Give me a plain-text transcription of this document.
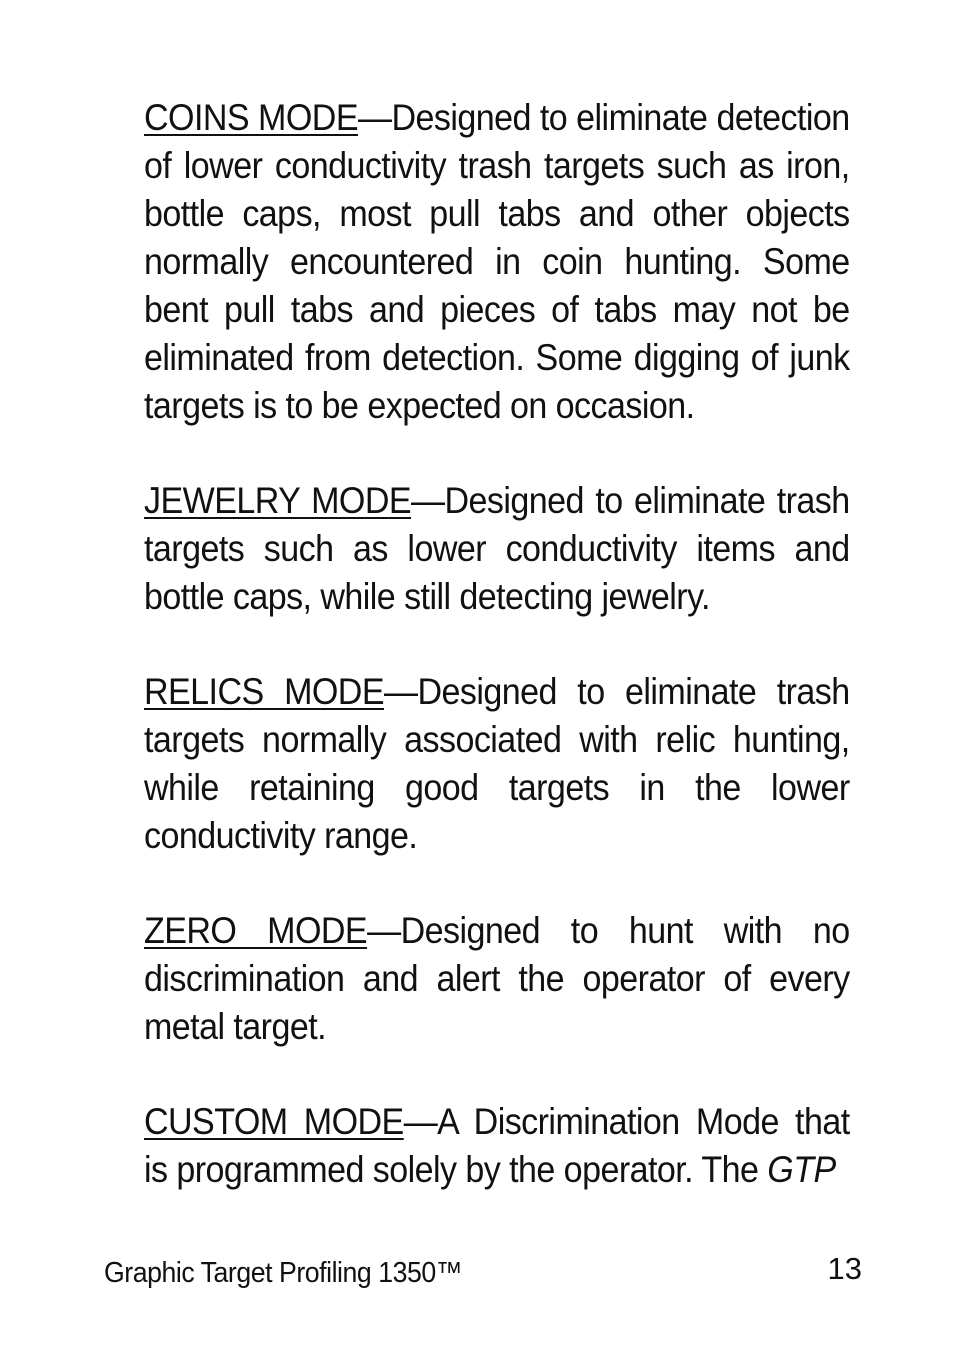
COINS MODE—Designed to eliminate detection of lower conductivity trash targets such as iron, bottle caps, most pull tabs and other objects normally encountered in coin hunting. Some bent pull tabs and pieces of tabs may not be eliminated from detection. Some digging of junk targets is to be expected on occasion.

JEWELRY MODE—Designed to eliminate trash targets such as lower conductivity items and bottle caps, while still detecting jewelry.

RELICS MODE—Designed to eliminate trash targets normally associated with relic hunting, while retaining good targets in the lower conductivity range.

ZERO MODE—Designed to hunt with no discrimination and alert the operator of every metal target.

CUSTOM MODE—A Discrimination Mode that is programmed solely by the operator. The GTP

Graphic Target Profiling 1350™	13
